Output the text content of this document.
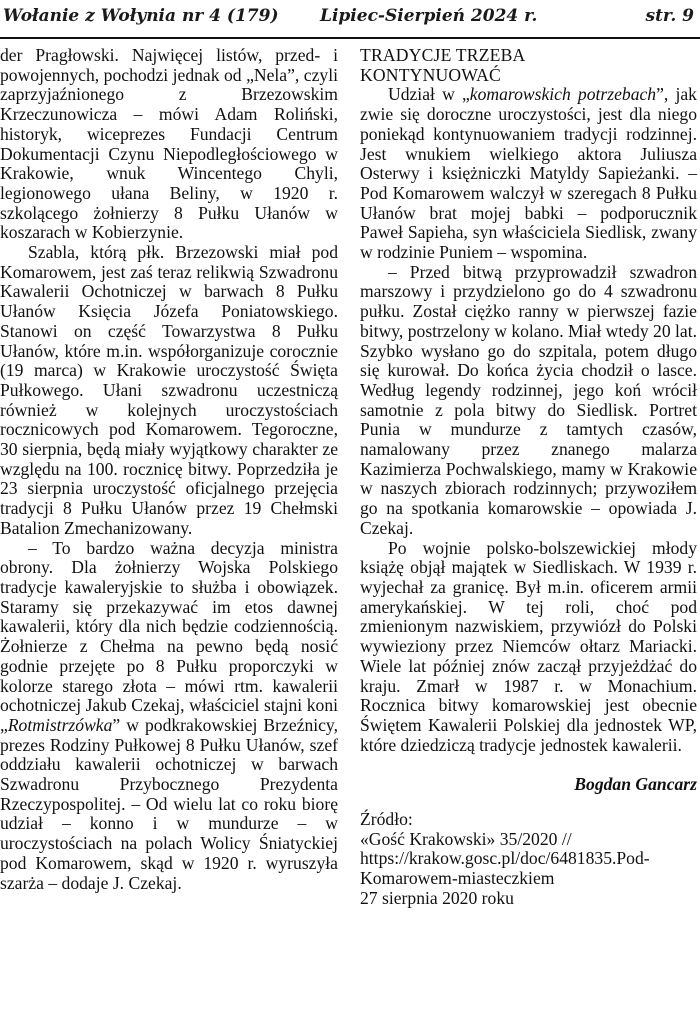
Wołanie z Wołynia nr 4 (179) Lipiec-Sierpień 2024 r.	str. 9

der Pragłowski. Najwięcej listów, przed- i powojennych, pochodzi jednak od „Nela”, czyli zaprzyjaźnionego z Brzezowskim Krzeczunowicza – mówi Adam Roliński, historyk, wiceprezes Fundacji Centrum Dokumentacji Czynu Niepodległościowego w Krakowie, wnuk Wincentego Chyli, legionowego ułana Beliny, w 1920 r. szkolącego żołnierzy 8 Pułku Ułanów w koszarach w Kobierzynie.

Szabla, którą płk. Brzezowski miał pod Komarowem, jest zaś teraz relikwią Szwadronu Kawalerii Ochotniczej w barwach 8 Pułku Ułanów Księcia Józefa Poniatowskiego. Stanowi on część Towarzystwa 8 Pułku Ułanów, które m.in. współorganizuje corocznie (19 marca) w Krakowie uroczystość Święta Pułkowego. Ułani szwadronu uczestniczą również w kolejnych uroczystościach rocznicowych pod Komarowem. Tegoroczne, 30 sierpnia, będą miały wyjątkowy charakter ze względu na 100. rocznicę bitwy. Poprzedziła je 23 sierpnia uroczystość oficjalnego przejęcia tradycji 8 Pułku Ułanów przez 19 Chełmski Batalion Zmechanizowany.

– To bardzo ważna decyzja ministra obrony. Dla żołnierzy Wojska Polskiego tradycje kawaleryjskie to służba i obowiązek. Staramy się przekazywać im etos dawnej kawalerii, który dla nich będzie codziennością. Żołnierze z Chełma na pewno będą nosić godnie przejęte po 8 Pułku proporczyki w kolorze starego złota – mówi rtm. kawalerii ochotniczej Jakub Czekaj, właściciel stajni koni „Rotmistrzówka” w podkrakowskiej Brzeźnicy, prezes Rodziny Pułkowej 8 Pułku Ułanów, szef oddziału kawalerii ochotniczej w barwach Szwadronu Przybocznego Prezydenta Rzeczypospolitej. – Od wielu lat co roku biorę udział – konno i w mundurze – w uroczystościach na polach Wolicy Śniatyckiej pod Komarowem, skąd w 1920 r. wyruszyła szarża – dodaje J. Czekaj.

TRADYCJE TRZEBA
KONTYNUOWAĆ

Udział w „komarowskich potrzebach”, jak zwie się doroczne uroczystości, jest dla niego poniekąd kontynuowaniem tradycji rodzinnej. Jest wnukiem wielkiego aktora Juliusza Osterwy i księżniczki Matyldy Sapieżanki. – Pod Komarowem walczył w szeregach 8 Pułku Ułanów brat mojej babki – podporucznik Paweł Sapieha, syn właściciela Siedlisk, zwany w rodzinie Puniem – wspomina.

– Przed bitwą przyprowadził szwadron marszowy i przydzielono go do 4 szwadronu pułku. Został ciężko ranny w pierwszej fazie bitwy, postrzelony w kolano. Miał wtedy 20 lat. Szybko wysłano go do szpitala, potem długo się kurował. Do końca życia chodził o lasce. Według legendy rodzinnej, jego koń wrócił samotnie z pola bitwy do Siedlisk. Portret Punia w mundurze z tamtych czasów, namalowany przez znanego malarza Kazimierza Pochwalskiego, mamy w Krakowie w naszych zbiorach rodzinnych; przywoziłem go na spotkania komarowskie – opowiada J. Czekaj.

Po wojnie polsko-bolszewickiej młody książę objął majątek w Siedliskach. W 1939 r. wyjechał za granicę. Był m.in. oficerem armii amerykańskiej. W tej roli, choć pod zmienionym nazwiskiem, przywiózł do Polski wywieziony przez Niemców ołtarz Mariacki. Wiele lat później znów zaczął przyjeżdżać do kraju. Zmarł w 1987 r. w Monachium. Rocznica bitwy komarowskiej jest obecnie Świętem Kawalerii Polskiej dla jednostek WP, które dziedziczą tradycje jednostek kawalerii.

Bogdan Gancarz

Źródło:
«Gość Krakowski» 35/2020 //
https://krakow.gosc.pl/doc/6481835.Pod-
Komarowem-miasteczkiem
27 sierpnia 2020 roku
